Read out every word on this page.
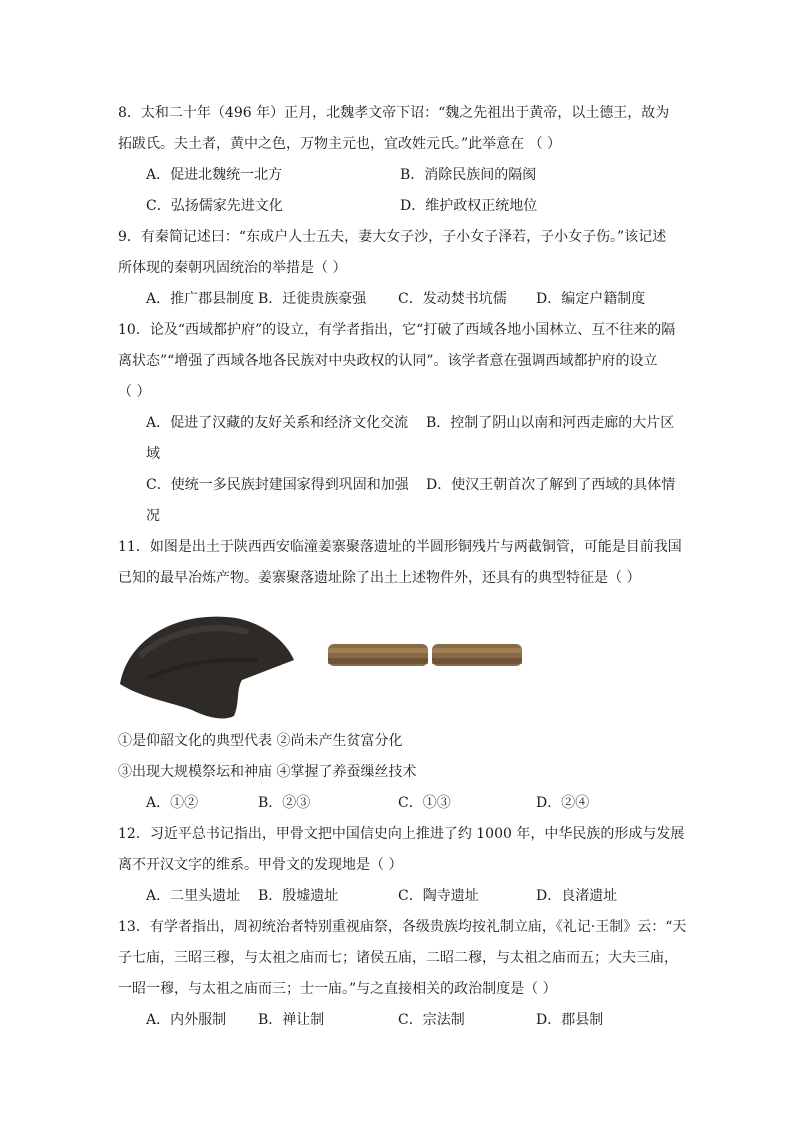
8．太和二十年（496 年）正月，北魏孝文帝下诏：“魏之先祖出于黄帝，以土德王，故为
拓跋氏。夫土者，黄中之色，万物主元也，宜改姓元氏。”此举意在 （ ）
A．促进北魏统一北方	B．消除民族间的隔阂
C．弘扬儒家先进文化	D．维护政权正统地位
9．有秦简记述曰：“东成户人士五夫，妻大女子沙，子小女子泽若，子小女子伤。”该记述
所体现的秦朝巩固统治的举措是（ ）
A．推广郡县制度 B．迁徙贵族豪强 C．发动焚书坑儒 D．编定户籍制度
10．论及“西域都护府”的设立，有学者指出，它“打破了西域各地小国林立、互不往来的隔
离状态”“增强了西域各地各民族对中央政权的认同”。该学者意在强调西域都护府的设立
（ ）
A．促进了汉藏的友好关系和经济文化交流 B．控制了阴山以南和河西走廊的大片区
域
C．使统一多民族封建国家得到巩固和加强 D．使汉王朝首次了解到了西域的具体情
况
11．如图是出土于陕西西安临潼姜寨聚落遗址的半圆形铜残片与两截铜管，可能是目前我国
已知的最早冶炼产物。姜寨聚落遗址除了出土上述物件外，还具有的典型特征是（ ）
①是仰韶文化的典型代表 ②尚未产生贫富分化
③出现大规模祭坛和神庙 ④掌握了养蚕缫丝技术
A．①②	B．②③	C．①③	D．②④
12．习近平总书记指出，甲骨文把中国信史向上推进了约 1000 年，中华民族的形成与发展
离不开汉文字的维系。甲骨文的发现地是（ ）
A．二里头遗址 B．殷墟遗址	C．陶寺遗址	D．良渚遗址
13．有学者指出，周初统治者特别重视庙祭，各级贵族均按礼制立庙，《礼记·王制》云：“天
子七庙，三昭三穆，与太祖之庙而七；诸侯五庙，二昭二穆，与太祖之庙而五；大夫三庙，
一昭一穆，与太祖之庙而三；士一庙。”与之直接相关的政治制度是（ ）
A．内外服制 B．禅让制	C．宗法制	D．郡县制
